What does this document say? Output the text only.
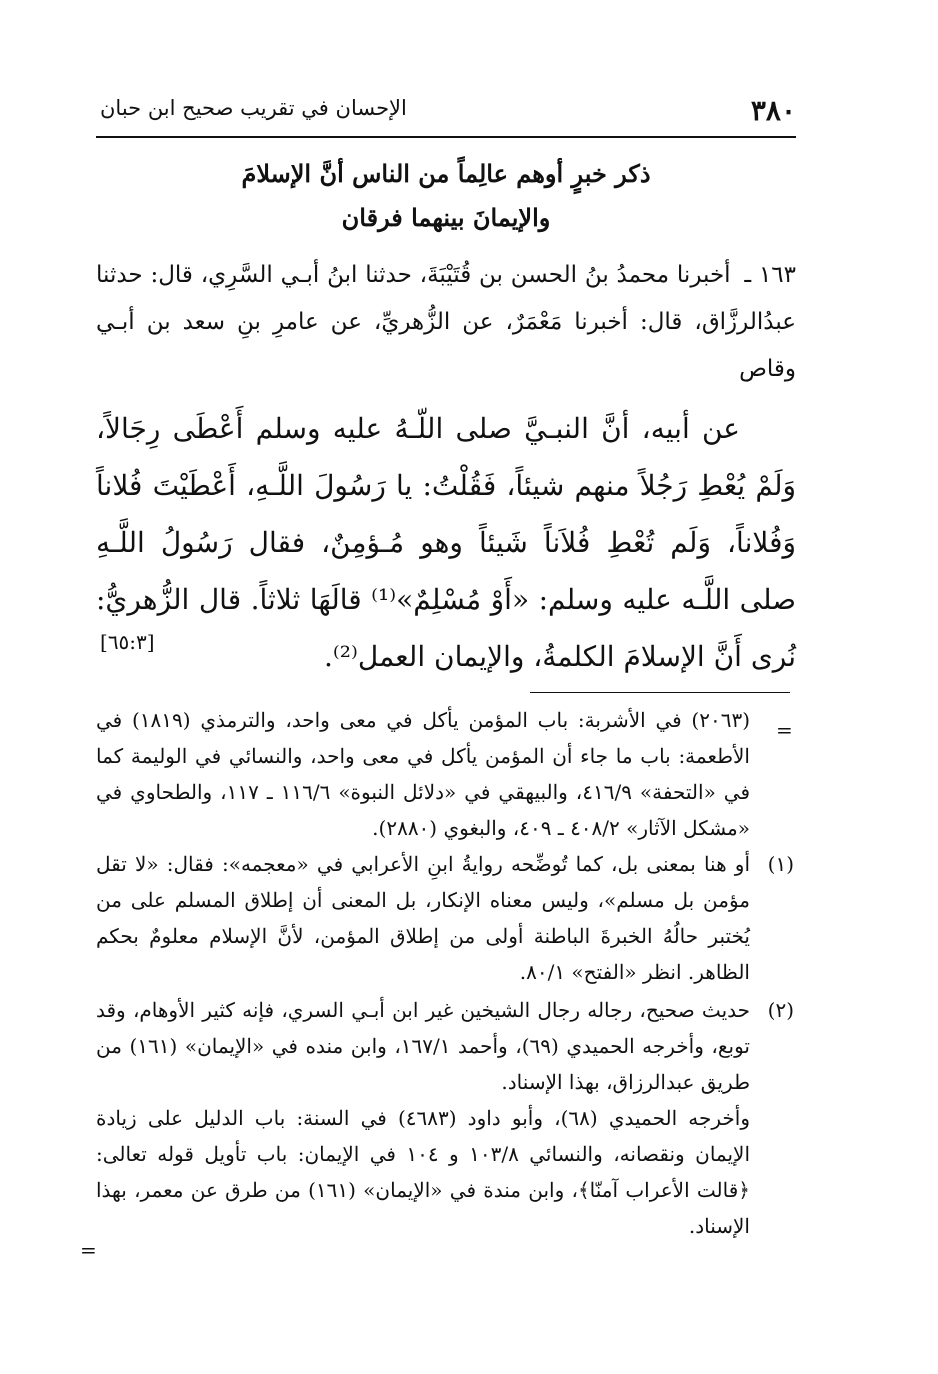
٣٨٠
الإحسان في تقريب صحيح ابن حبان
ذكر خبرٍ أوهم عالِماً من الناس أنَّ الإسلامَ
والإيمانَ بينهما فرقان
١٦٣ ـ أخبرنا محمدُ بنُ الحسن بن قُتَيْبَةَ، حدثنا ابنُ أبـي السَّرِي، قال: حدثنا عبدُالرزَّاق، قال: أخبرنا مَعْمَرٌ، عن الزُّهريِّ، عن عامرِ بنِ سعد بن أبـي وقاص
عن أبيه، أنَّ النبـيَّ صلى اللّـهُ عليه وسلم أَعْطَى رِجَالاً، وَلَمْ يُعْطِ رَجُلاً منهم شيئاً، فَقُلْتُ: يا رَسُولَ اللَّـهِ، أَعْطَيْتَ فُلاناً وَفُلاناً، وَلَم تُعْطِ فُلاَناً شَيئاً وهو مُـؤمِنٌ، فقال رَسُولُ اللَّـهِ صلى اللَّـه عليه وسلم: «أَوْ مُسْلِمٌ»⁽¹⁾ قالَهَا ثلاثاً. قال الزُّهريُّ: نُرى أَنَّ الإسلامَ الكلمةُ، والإيمان العمل⁽²⁾.
[٦٥:٣]
=
(٢٠٦٣) في الأشربة: باب المؤمن يأكل في معى واحد، والترمذي (١٨١٩) في الأطعمة: باب ما جاء أن المؤمن يأكل في معى واحد، والنسائي في الوليمة كما في «التحفة» ٤١٦/٩، والبيهقي في «دلائل النبوة» ١١٦/٦ ـ ١١٧، والطحاوي في «مشكل الآثار» ٤٠٨/٢ ـ ٤٠٩، والبغوي (٢٨٨٠).
(١)
أو هنا بمعنى بل، كما تُوضِّحه روايةُ ابنِ الأعرابي في «معجمه»: فقال: «لا تقل مؤمن بل مسلم»، وليس معناه الإنكار، بل المعنى أن إطلاق المسلم على من يُختبر حالُهُ الخبرةَ الباطنة أولى من إطلاق المؤمن، لأنَّ الإسلام معلومٌ بحكم الظاهر. انظر «الفتح» ٨٠/١.
(٢)
حديث صحيح، رجاله رجال الشيخين غير ابن أبـي السري، فإنه كثير الأوهام، وقد توبع، وأخرجه الحميدي (٦٩)، وأحمد ١٦٧/١، وابن منده في «الإيمان» (١٦١) من طريق عبدالرزاق، بهذا الإسناد.
وأخرجه الحميدي (٦٨)، وأبو داود (٤٦٨٣) في السنة: باب الدليل على زيادة الإيمان ونقصانه، والنسائي ١٠٣/٨ و ١٠٤ في الإيمان: باب تأويل قوله تعالى: ﴿قالت الأعراب آمنّا﴾، وابن مندة في «الإيمان» (١٦١) من طرق عن معمر، بهذا الإسناد.
=
